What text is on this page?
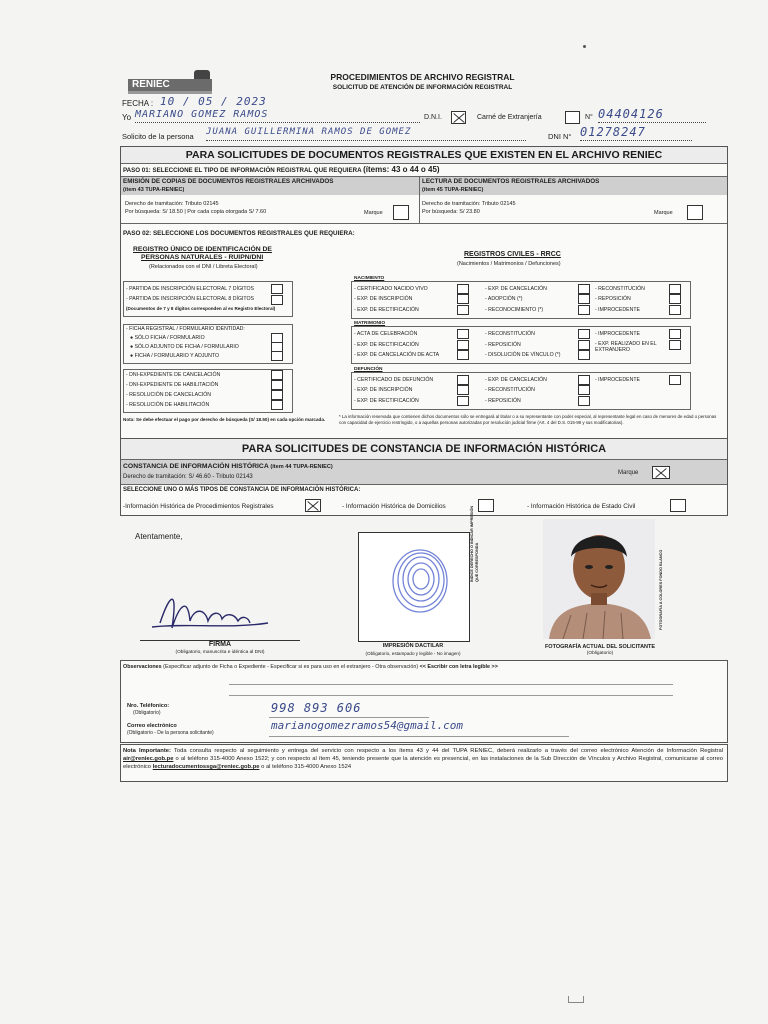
RENIEC
PROCEDIMIENTOS DE ARCHIVO REGISTRAL
SOLICITUD DE ATENCIÓN DE INFORMACIÓN REGISTRAL
FECHA : 10 / 05 / 2023
Yo MARIANO GOMEZ RAMOS	D.N.I.	Carné de Extranjería	N° 04404126
Solicito de la persona JUANA GUILLERMINA RAMOS DE GOMEZ	DNI N° 01278247
PARA SOLICITUDES DE DOCUMENTOS REGISTRALES QUE EXISTEN EN EL ARCHIVO RENIEC
PASO 01: SELECCIONE EL TIPO DE INFORMACIÓN REGISTRAL QUE REQUIERA (ítems: 43 o 44 o 45)
EMISIÓN DE COPIAS DE DOCUMENTOS REGISTRALES ARCHIVADOS
(ítem 43 TUPA-RENIEC)
Derecho de tramitación: Tributo 02145
Por búsqueda: S/ 18.50 | Por cada copia otorgada S/ 7.60	Marque
LECTURA DE DOCUMENTOS REGISTRALES ARCHIVADOS
(ítem 45 TUPA-RENIEC)
Derecho de tramitación: Tributo 02145
Por búsqueda: S/ 23.80	Marque
PASO 02: SELECCIONE LOS DOCUMENTOS REGISTRALES QUE REQUIERA:
REGISTRO ÚNICO DE IDENTIFICACIÓN DE
PERSONAS NATURALES - RUIPN/DNI
(Relacionados con el DNI / Libreta Electoral)
- PARTIDA DE INSCRIPCIÓN ELECTORAL 7 DÍGITOS
- PARTIDA DE INSCRIPCIÓN ELECTORAL 8 DÍGITOS
(Documentos de 7 y 8 dígitos corresponden al ex Registro Electoral)
- FICHA REGISTRAL / FORMULARIO IDENTIDAD:
● SÓLO FICHA / FORMULARIO
● SÓLO ADJUNTO DE FICHA / FORMULARIO
● FICHA / FORMULARIO Y ADJUNTO
- DNI-EXPEDIENTE DE CANCELACIÓN
- DNI-EXPEDIENTE DE HABILITACIÓN
- RESOLUCIÓN DE CANCELACIÓN
- RESOLUCIÓN DE HABILITACIÓN
Nota: Se debe efectuar el pago por derecho de búsqueda (S/ 18.50) en cada opción marcada.
REGISTROS CIVILES - RRCC
(Nacimientos / Matrimonios / Defunciones)
NACIMIENTO
- CERTIFICADO NACIDO VIVO
- EXP. DE INSCRIPCIÓN
- EXP. DE RECTIFICACIÓN
- EXP. DE CANCELACIÓN
- ADOPCIÓN (*)
- RECONOCIMIENTO (*)
- RECONSTITUCIÓN
- REPOSICIÓN
- IMPROCEDENTE
MATRIMONIO
- ACTA DE CELEBRACIÓN
- EXP. DE RECTIFICACIÓN
- EXP. DE CANCELACIÓN DE ACTA
- RECONSTITUCIÓN
- REPOSICIÓN
- DISOLUCIÓN DE VÍNCULO (*)
- IMPROCEDENTE
- EXP. REALIZADO EN EL EXTRANJERO
DEFUNCIÓN
- CERTIFICADO DE DEFUNCIÓN
- EXP. DE INSCRIPCIÓN
- EXP. DE RECTIFICACIÓN
- EXP. DE CANCELACIÓN
- RECONSTITUCIÓN
- REPOSICIÓN
- IMPROCEDENTE
* La información reservada que contienen dichos documentos sólo se entregará al titular o a su representante con poder especial, al representante legal en caso de menores de edad o personas con capacidad de ejercicio restringido, o a aquellas personas autorizadas por resolución judicial firme (Art. 4 del D.S. 015-98 y sus modificatorias).
PARA SOLICITUDES DE CONSTANCIA DE INFORMACIÓN HISTÓRICA
CONSTANCIA DE INFORMACIÓN HISTÓRICA (ítem 44 TUPA-RENIEC)
Derecho de tramitación: S/ 46.60 - Tributo 02143
Marque
SELECCIONE UNO O MÁS TIPOS DE CONSTANCIA DE INFORMACIÓN HISTÓRICA:
-Información Histórica de Procedimientos Registrales	- Información Histórica de Domicilios	- Información Histórica de Estado Civil
Atentamente,
FIRMA
(Obligatorio, manuscrita e idéntica al DNI)
ÍNDICE DERECHO O INDICAR IMPRESIÓN QUE CORRESPONDA
IMPRESIÓN DACTILAR
(Obligatorio, estampado y legible - No imagen)
FOTOGRAFÍA A COLORES FONDO BLANCO
FOTOGRAFÍA ACTUAL DEL SOLICITANTE
(Obligatorio)
Observaciones (Especificar adjunto de Ficha o Expediente - Especificar si es para uso en el extranjero - Otra observación) << Escribir con letra legible >>
Nro. Teléfonico:
(Obligatorio)	998 893 606
Correo electrónico
(Obligatorio - De la persona solicitante)
marianogomezramos54@gmail.com
Nota Importante: Toda consulta respecto al seguimiento y entrega del servicio con respecto a los ítems 43 y 44 del TUPA RENIEC, deberá realizarlo a través del correo electrónico Atención de Información Registral air@reniec.gob.pe o al teléfono 315-4000 Anexo 1522; y con respecto al ítem 45, teniendo presente que la atención es presencial, en las instalaciones de la Sub Dirección de Vínculos y Archivo Registral, comunicarse al correo electrónico lecturadocumentossga@reniec.gob.pe o al teléfono 315-4000 Anexo 1524
